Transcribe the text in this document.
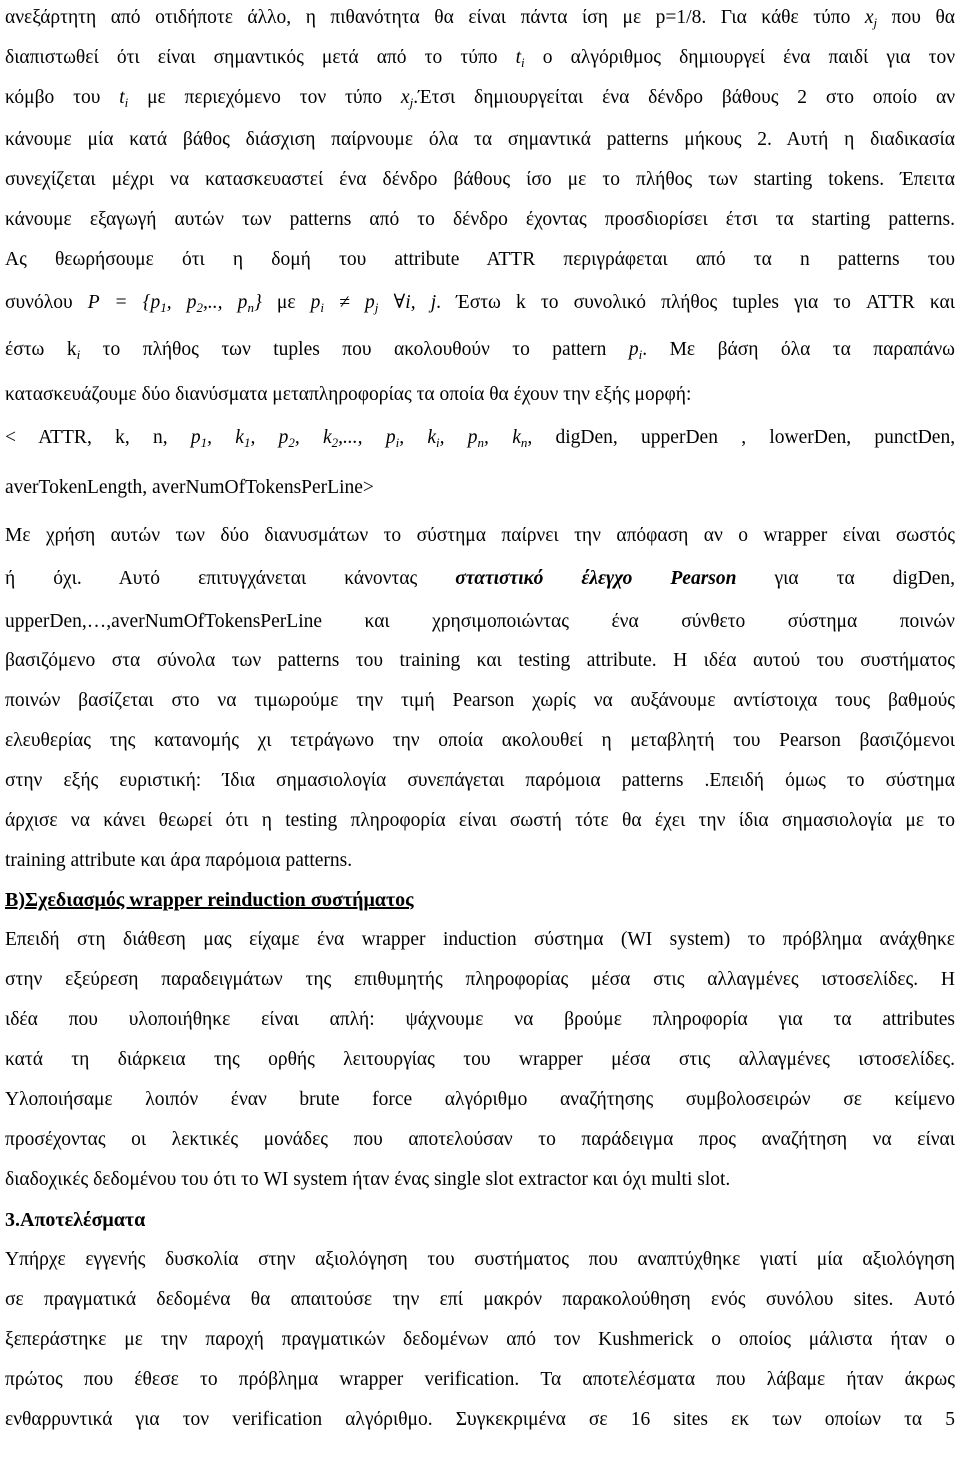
ανεξάρτητη από οτιδήποτε άλλο, η πιθανότητα θα είναι πάντα ίση με p=1/8. Για κάθε τύπο $x_j$ που θα
διαπιστωθεί ότι είναι σημαντικός μετά από το τύπο $t_i$ ο αλγόριθμος δημιουργεί ένα παιδί για τον
κόμβο του $t_i$ με περιεχόμενο τον τύπο $x_j.Έ\tau\sigma\iota$ δημιουργείται ένα δένδρο βάθους 2 στο οποίο αν
κάνουμε μία κατά βάθος διάσχιση παίρνουμε όλα τα σημαντικά patterns μήκους 2. Αυτή η διαδικασία
συνεχίζεται μέχρι να κατασκευαστεί ένα δένδρο βάθους ίσο με το πλήθος των starting tokens. Έπειτα
κάνουμε εξαγωγή αυτών των patterns από το δένδρο έχοντας προσδιορίσει έτσι τα starting patterns.
Ας θεωρήσουμε ότι η δομή του attribute ATTR περιγράφεται από τα n patterns του
συνόλου $P = \{p_1$, $p_2$,.., $p_n$} με $p_i \ne p_j$ ∀i, j. Έστω k το συνολικό πλήθος tuples για το ATTR και
έστω $k_i$ το πλήθος των tuples που ακολουθούν το pattern $p_i$. Με βάση όλα τα παραπάνω
κατασκευάζουμε δύο διανύσματα μεταπληροφορίας τα οποία θα έχουν την εξής μορφή:
< ATTR, k, n, $p_1$, $k_1$, $p_2$, $k_2$,..., $p_i$, $k_i$, $p_n$, $k_n$, digDen, upperDen , lowerDen, punctDen,
averTokenLength, averNumOfTokensPerLine>
Με χρήση αυτών των δύο διανυσμάτων το σύστημα παίρνει την απόφαση αν ο wrapper είναι σωστός
ή όχι. Αυτό επιτυγχάνεται κάνοντας στατιστικό έλεγχο Pearson για τα digDen,
upperDen,…,averNumOfTokensPerLine και χρησιμοποιώντας ένα σύνθετο σύστημα ποινών
βασιζόμενο στα σύνολα των patterns του training και testing attribute. Η ιδέα αυτού του συστήματος
ποινών βασίζεται στο να τιμωρούμε την τιμή Pearson χωρίς να αυξάνουμε αντίστοιχα τους βαθμούς
ελευθερίας της κατανομής χι τετράγωνο την οποία ακολουθεί η μεταβλητή του Pearson βασιζόμενοι
στην εξής ευριστική: Ίδια σημασιολογία συνεπάγεται παρόμοια patterns .Επειδή όμως το σύστημα
άρχισε να κάνει θεωρεί ότι η testing πληροφορία είναι σωστή τότε θα έχει την ίδια σημασιολογία με το
training attribute και άρα παρόμοια patterns.
B)Σχεδιασμός wrapper reinduction συστήματος
Επειδή στη διάθεση μας είχαμε ένα wrapper induction σύστημα (WI system) το πρόβλημα ανάχθηκε
στην εξεύρεση παραδειγμάτων της επιθυμητής πληροφορίας μέσα στις αλλαγμένες ιστοσελίδες. Η
ιδέα που υλοποιήθηκε είναι απλή: ψάχνουμε να βρούμε πληροφορία για τα attributes
κατά τη διάρκεια της ορθής λειτουργίας του wrapper μέσα στις αλλαγμένες ιστοσελίδες.
Υλοποιήσαμε λοιπόν έναν brute force αλγόριθμο αναζήτησης συμβολοσειρών σε κείμενο
προσέχοντας οι λεκτικές μονάδες που αποτελούσαν το παράδειγμα προς αναζήτηση να είναι
διαδοχικές δεδομένου του ότι το WI system ήταν ένας single slot extractor και όχι multi slot.
3.Αποτελέσματα
Υπήρχε εγγενής δυσκολία στην αξιολόγηση του συστήματος που αναπτύχθηκε γιατί μία αξιολόγηση
σε πραγματικά δεδομένα θα απαιτούσε την επί μακρόν παρακολούθηση ενός συνόλου sites. Αυτό
ξεπεράστηκε με την παροχή πραγματικών δεδομένων από τον Kushmerick ο οποίος μάλιστα ήταν ο
πρώτος που έθεσε το πρόβλημα wrapper verification. Τα αποτελέσματα που λάβαμε ήταν άκρως
ενθαρρυντικά για τον verification αλγόριθμο. Συγκεκριμένα σε 16 sites εκ των οποίων τα 5
